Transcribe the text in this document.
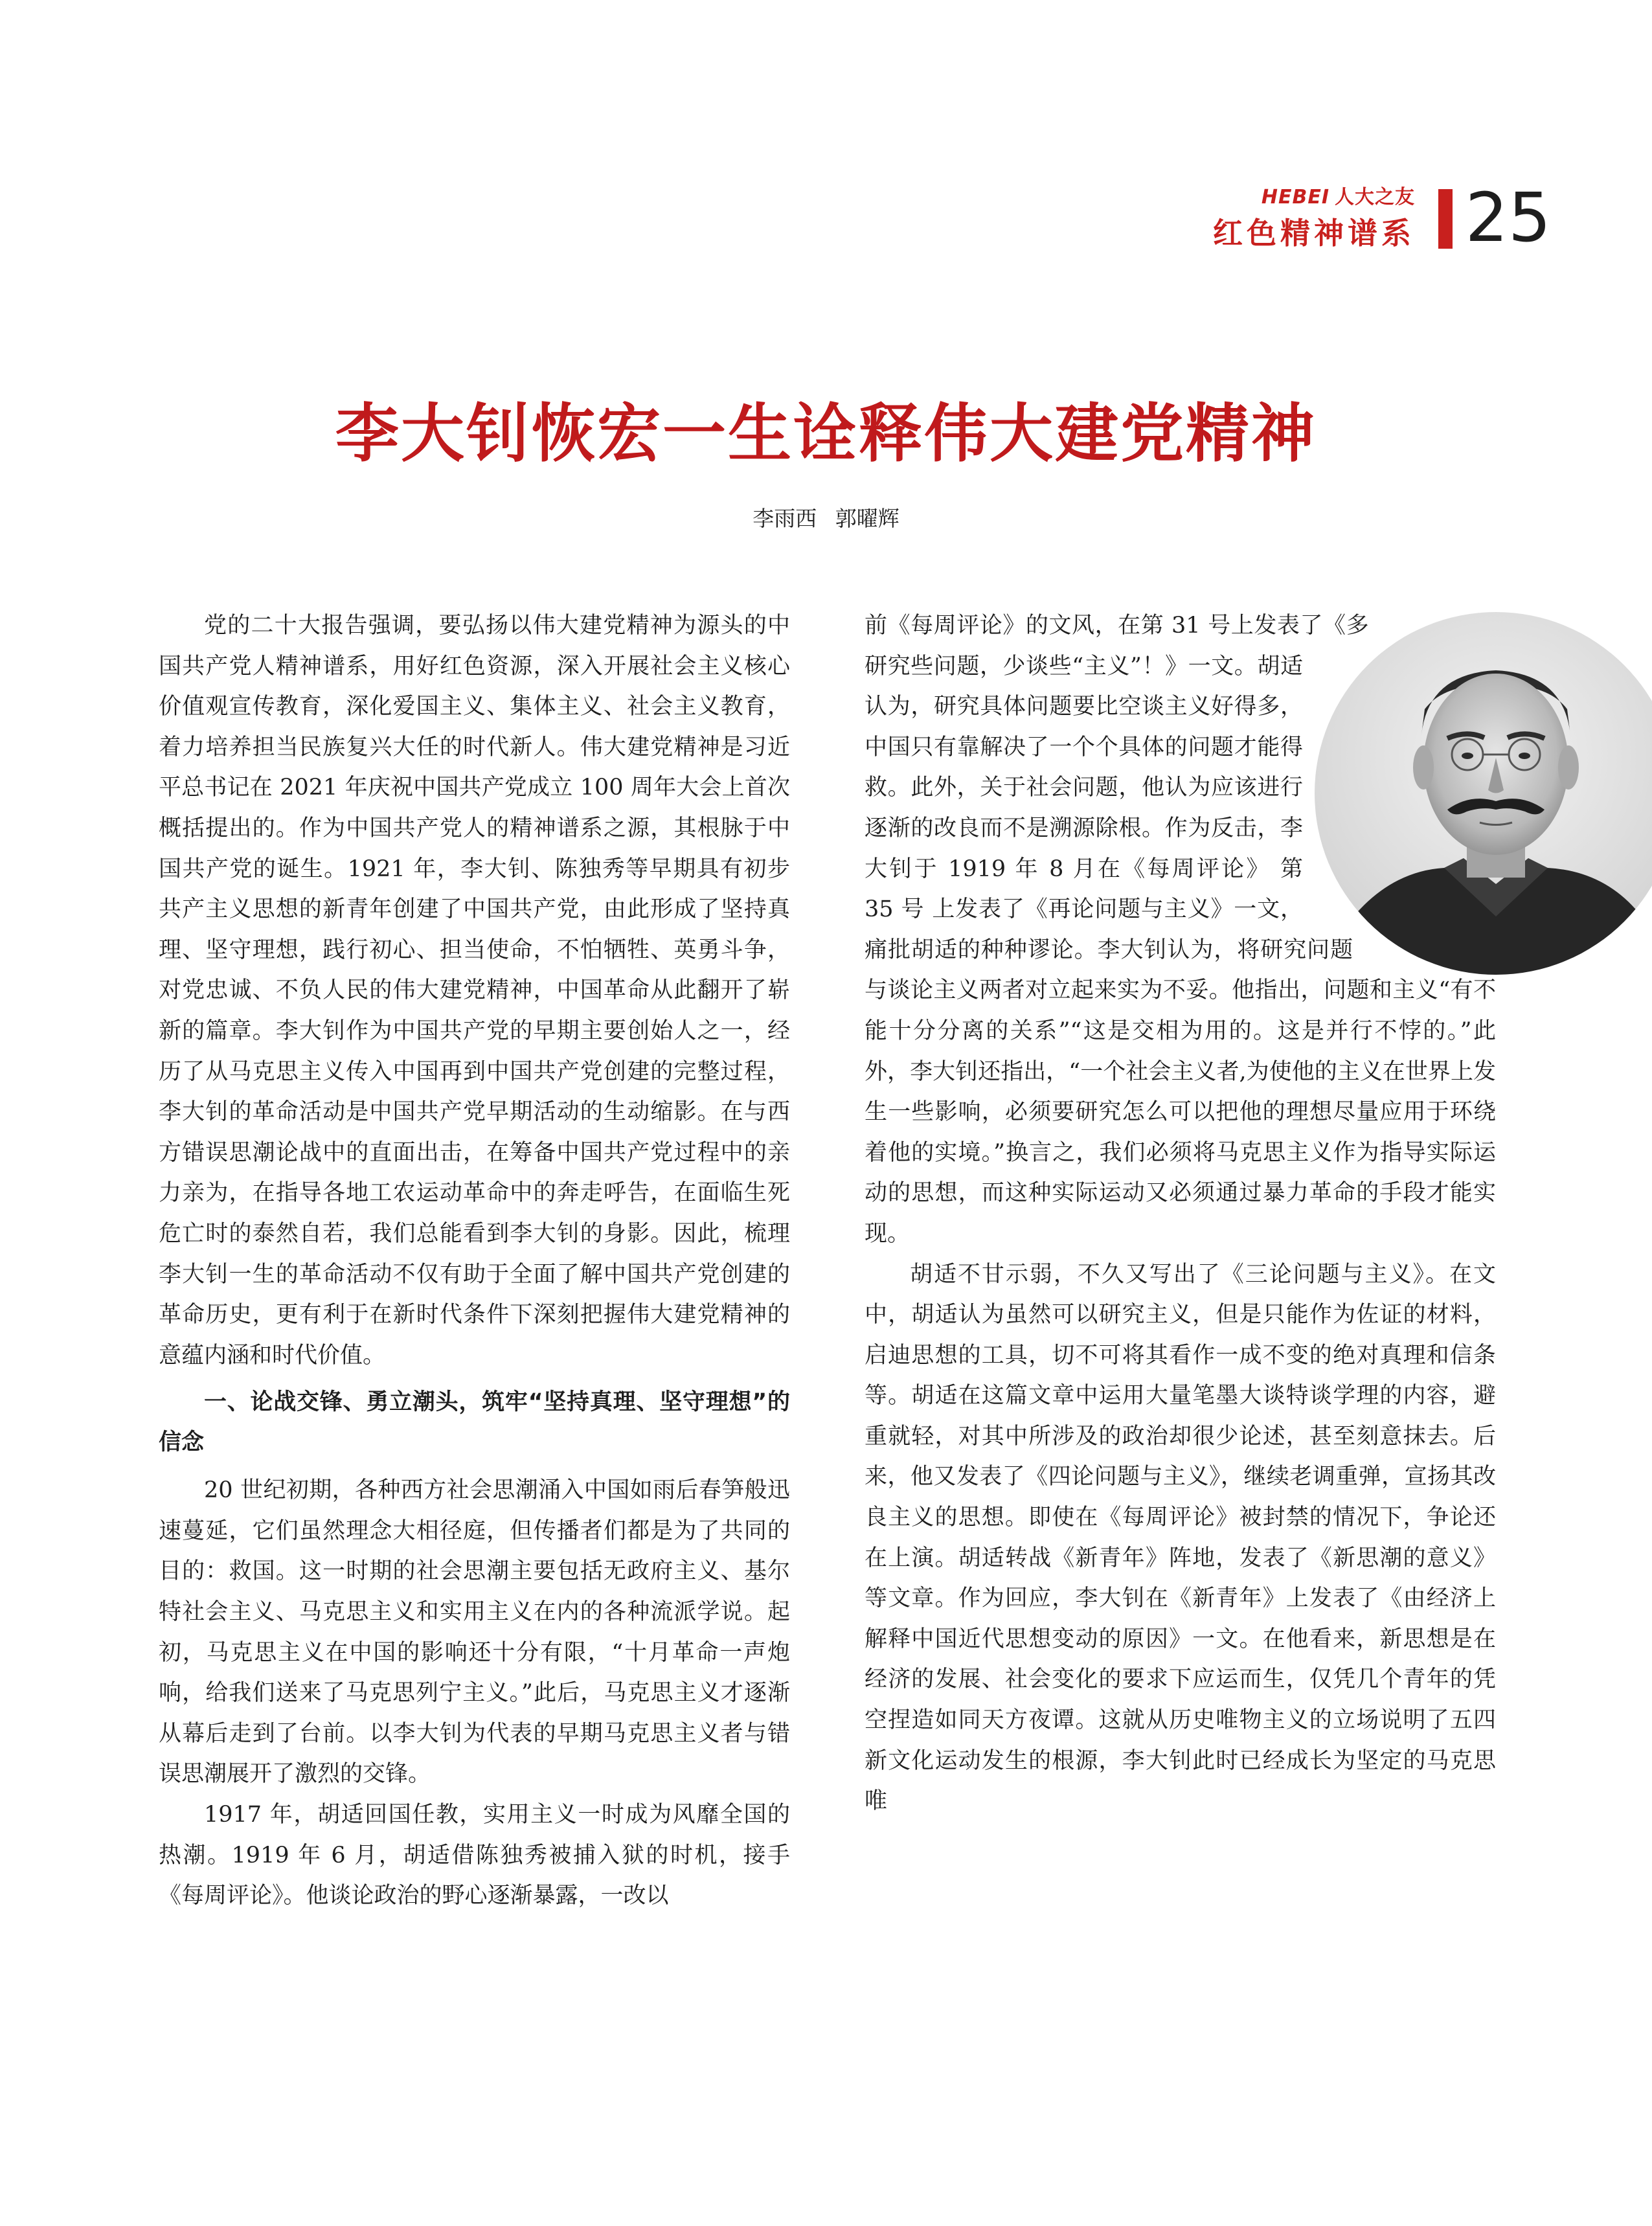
HEBEI 人大之友
红色精神谱系 25
李大钊恢宏一生诠释伟大建党精神
李雨西 郭曜辉

党的二十大报告强调，要弘扬以伟大建党精神为源头的中国共产党人精神谱系，用好红色资源，深入开展社会主义核心价值观宣传教育，深化爱国主义、集体主义、社会主义教育，着力培养担当民族复兴大任的时代新人。伟大建党精神是习近平总书记在 2021 年庆祝中国共产党成立 100 周年大会上首次概括提出的。作为中国共产党人的精神谱系之源，其根脉于中国共产党的诞生。1921 年，李大钊、陈独秀等早期具有初步共产主义思想的新青年创建了中国共产党，由此形成了坚持真理、坚守理想，践行初心、担当使命，不怕牺牲、英勇斗争，对党忠诚、不负人民的伟大建党精神，中国革命从此翻开了崭新的篇章。李大钊作为中国共产党的早期主要创始人之一，经历了从马克思主义传入中国再到中国共产党创建的完整过程，李大钊的革命活动是中国共产党早期活动的生动缩影。在与西方错误思潮论战中的直面出击，在筹备中国共产党过程中的亲力亲为，在指导各地工农运动革命中的奔走呼告，在面临生死危亡时的泰然自若，我们总能看到李大钊的身影。因此，梳理李大钊一生的革命活动不仅有助于全面了解中国共产党创建的革命历史，更有利于在新时代条件下深刻把握伟大建党精神的意蕴内涵和时代价值。

一、论战交锋、勇立潮头，筑牢“坚持真理、坚守理想”的信念

20 世纪初期，各种西方社会思潮涌入中国如雨后春笋般迅速蔓延，它们虽然理念大相径庭，但传播者们都是为了共同的目的：救国。这一时期的社会思潮主要包括无政府主义、基尔特社会主义、马克思主义和实用主义在内的各种流派学说。起初，马克思主义在中国的影响还十分有限，“十月革命一声炮响，给我们送来了马克思列宁主义。”此后，马克思主义才逐渐从幕后走到了台前。以李大钊为代表的早期马克思主义者与错误思潮展开了激烈的交锋。

1917 年，胡适回国任教，实用主义一时成为风靡全国的热潮。1919 年 6 月，胡适借陈独秀被捕入狱的时机，接手《每周评论》。他谈论政治的野心逐渐暴露，一改以

前《每周评论》的文风，在第 31 号上发表了《多研究些问题，少谈些“主义”！》一文。胡适认为，研究具体问题要比空谈主义好得多，中国只有靠解决了一个个具体的问题才能得救。此外，关于社会问题，他认为应该进行逐渐的改良而不是溯源除根。作为反击，李大钊于 1919 年 8 月在《每周评论》 第 35 号 上发表了《再论问题与主义》一文，痛批胡适的种种谬论。李大钊认为，将研究问题与谈论主义两者对立起来实为不妥。他指出，问题和主义“有不能十分分离的关系”“这是交相为用的。这是并行不悖的。”此外，李大钊还指出，“一个社会主义者,为使他的主义在世界上发生一些影响，必须要研究怎么可以把他的理想尽量应用于环绕着他的实境。”换言之，我们必须将马克思主义作为指导实际运动的思想，而这种实际运动又必须通过暴力革命的手段才能实现。

胡适不甘示弱，不久又写出了《三论问题与主义》。在文中，胡适认为虽然可以研究主义，但是只能作为佐证的材料，启迪思想的工具，切不可将其看作一成不变的绝对真理和信条等。胡适在这篇文章中运用大量笔墨大谈特谈学理的内容，避重就轻，对其中所涉及的政治却很少论述，甚至刻意抹去。后来，他又发表了《四论问题与主义》，继续老调重弹，宣扬其改良主义的思想。即使在《每周评论》被封禁的情况下，争论还在上演。胡适转战《新青年》阵地，发表了《新思潮的意义》等文章。作为回应，李大钊在《新青年》上发表了《由经济上解释中国近代思想变动的原因》一文。在他看来，新思想是在经济的发展、社会变化的要求下应运而生，仅凭几个青年的凭空捏造如同天方夜谭。这就从历史唯物主义的立场说明了五四新文化运动发生的根源，李大钊此时已经成长为坚定的马克思唯
